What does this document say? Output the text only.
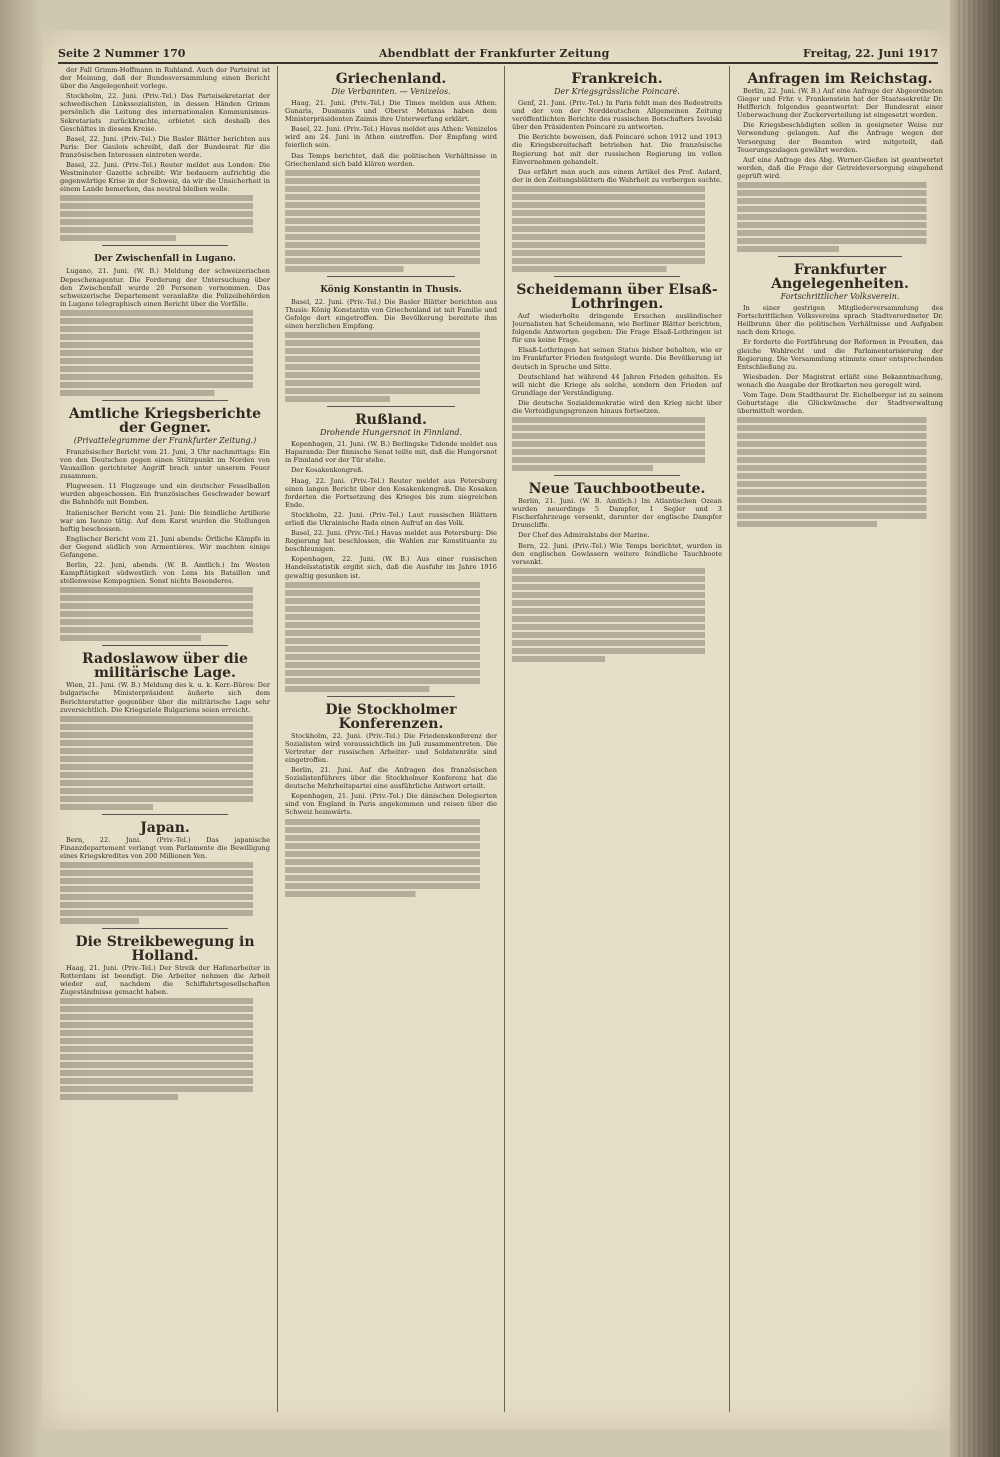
Seite 2 Nummer 170	Abendblatt der Frankfurter Zeitung	Freitag, 22. Juni 1917

der Fall Grimm-Hoffmann in Ruhland. Auch der Parteirat ist der Meinung, daß der Bundesversammlung einen Bericht über die Angelegenheit vorlege.

Stockholm, 22. Juni. (Priv.-Tel.) Das Parteisekretariat der schwedischen Linkssozialisten, in dessen Händen Grimm persönlich die Leitung des internationalen Kommunismus-Sekretariats zurückbrachte, erbietet sich deshalb des Geschäftes in diesem Kreise.

Basel, 22. Juni. (Priv.-Tel.) Die Basler Blätter berichten aus Paris: Der Gaulois schreibt, daß der Bundesrat für die französischen Interessen eintreten werde.

Basel, 22. Juni. (Priv.-Tel.) Reuter meldet aus London: Die Westminster Gazette schreibt: Wir bedauern aufrichtig die gegenwärtige Krise in der Schweiz, da wir die Unsicherheit in einem Lande bemerken, das neutral bleiben wolle.

Der Zwischenfall in Lugano.

Lugano, 21. Juni. (W. B.) Meldung der schweizerischen Depeschenagentur. Die Forderung der Untersuchung über den Zwischenfall wurde 20 Personen vernommen. Das schweizerische Departement veranlaßte die Polizeibehörden in Lugano telegraphisch einen Bericht über die Vorfälle.

Amtliche Kriegsberichte der Gegner.
(Privattelegramme der Frankfurter Zeitung.)

Französischer Bericht vom 21. Juni, 3 Uhr nachmittags: Ein von den Deutschen gegen einen Stützpunkt im Norden von Vauxaillon gerichteter Angriff brach unter unserem Feuer zusammen.

Flugwesen. 11 Flugzeuge und ein deutscher Fesselballon wurden abgeschossen. Ein französisches Geschwader bewarf die Bahnhöfe mit Bomben.

Italienischer Bericht vom 21. Juni: Die feindliche Artillerie war am Isonzo tätig. Auf dem Karst wurden die Stellungen heftig beschossen.

Englischer Bericht vom 21. Juni abends: Örtliche Kämpfe in der Gegend südlich von Armentières. Wir machten einige Gefangene.

Berlin, 22. Juni, abends. (W. B. Amtlich.) Im Westen Kampftätigkeit südwestlich von Lens bis Bataillon und stellenweise Kompagnien. Sonst nichts Besonderes.

Radoslawow über die militärische Lage.

Wien, 21. Juni. (W. B.) Meldung des k. u. k. Korr.-Büros: Der bulgarische Ministerpräsident äußerte sich dem Berichterstatter gegenüber über die militärische Lage sehr zuversichtlich. Die Kriegsziele Bulgariens seien erreicht.

Japan.

Bern, 22. Juni. (Priv.-Tel.) Das japanische Finanzdepartement verlangt vom Parlamente die Bewilligung eines Kriegskredites von 200 Millionen Yen.

Die Streikbewegung in Holland.

Haag, 21. Juni. (Priv.-Tel.) Der Streik der Hafenarbeiter in Rotterdam ist beendigt. Die Arbeiter nehmen die Arbeit wieder auf, nachdem die Schiffahrtsgesellschaften Zugeständnisse gemacht haben.

Griechenland.
Die Verbannten. — Venizelos.

Haag, 21. Juni. (Priv.-Tel.) Die Times melden aus Athen: Gunaris, Dusmanis und Oberst Metaxas haben dem Ministerpräsidenten Zaimis ihre Unterwerfung erklärt.

Basel, 22. Juni. (Priv.-Tel.) Havas meldet aus Athen: Venizelos wird am 24. Juni in Athen eintreffen. Der Empfang wird feierlich sein.

Das Temps berichtet, daß die politischen Verhältnisse in Griechenland sich bald klären werden.

König Konstantin in Thusis.

Basel, 22. Juni. (Priv.-Tel.) Die Basler Blätter berichten aus Thusis: König Konstantin von Griechenland ist mit Familie und Gefolge dort eingetroffen. Die Bevölkerung bereitete ihm einen herzlichen Empfang.

Rußland.
Drohende Hungersnot in Finnland.

Kopenhagen, 21. Juni. (W. B.) Berlingske Tidende meldet aus Haparanda: Der finnische Senat teilte mit, daß die Hungersnot in Finnland vor der Tür stehe.

Der Kosakenkongreß.

Haag, 22. Juni. (Priv.-Tel.) Reuter meldet aus Petersburg einen langen Bericht über den Kosakenkongreß. Die Kosaken forderten die Fortsetzung des Krieges bis zum siegreichen Ende.

Stockholm, 22. Juni. (Priv.-Tel.) Laut russischen Blättern erließ die Ukrainische Rada einen Aufruf an das Volk.

Basel, 22. Juni. (Priv.-Tel.) Havas meldet aus Petersburg: Die Regierung hat beschlossen, die Wahlen zur Konstituante zu beschleunigen.

Kopenhagen, 22. Juni. (W. B.) Aus einer russischen Handelsstatistik ergibt sich, daß die Ausfuhr im Jahre 1916 gewaltig gesunken ist.

Die Stockholmer Konferenzen.

Stockholm, 22. Juni. (Priv.-Tel.) Die Friedenskonferenz der Sozialisten wird voraussichtlich im Juli zusammentreten. Die Vertreter der russischen Arbeiter- und Soldatenräte sind eingetroffen.

Berlin, 21. Juni. Auf die Anfragen des französischen Sozialistenführers über die Stockholmer Konferenz hat die deutsche Mehrheitspartei eine ausführliche Antwort erteilt.

Kopenhagen, 21. Juni. (Priv.-Tel.) Die dänischen Delegierten sind von England in Paris angekommen und reisen über die Schweiz heimwärts.

Frankreich.
Der Kriegsgrässliche Poincaré.

Genf, 21. Juni. (Priv.-Tel.) In Paris fehlt man des Redestreits und der von der Norddeutschen Allgemeinen Zeitung veröffentlichten Berichte des russischen Botschafters Isvolski über den Präsidenten Poincaré zu antworten.

Die Berichte beweisen, daß Poincaré schon 1912 und 1913 die Kriegsbereitschaft betrieben hat. Die französische Regierung hat mit der russischen Regierung im vollen Einvernehmen gehandelt.

Das erfährt man auch aus einem Artikel des Prof. Aulard, der in den Zeitungsblättern die Wahrheit zu verbergen suchte.

Scheidemann über Elsaß-Lothringen.

Auf wiederholte dringende Ersuchen ausländischer Journalisten hat Scheidemann, wie Berliner Blätter berichten, folgende Antworten gegeben: Die Frage Elsaß-Lothringen ist für uns keine Frage.

Elsaß-Lothringen hat seinen Status bisher behalten, wie er im Frankfurter Frieden festgelegt wurde. Die Bevölkerung ist deutsch in Sprache und Sitte.

Deutschland hat während 44 Jahren Frieden gehalten. Es will nicht die Kriege als solche, sondern den Frieden auf Grundlage der Verständigung.

Die deutsche Sozialdemokratie wird den Krieg nicht über die Verteidigungsgrenzen hinaus fortsetzen.

Neue Tauchbootbeute.

Berlin, 21. Juni. (W. B. Amtlich.) Im Atlantischen Ozean wurden neuerdings 5 Dampfer, 1 Segler und 3 Fischerfahrzeuge versenkt, darunter der englische Dampfer Drumcliffe.

Der Chef des Admiralstabs der Marine.

Bern, 22. Juni. (Priv.-Tel.) Wie Temps berichtet, wurden in den englischen Gewässern weitere feindliche Tauchboote versenkt.

Anfragen im Reichstag.

Berlin, 22. Juni. (W. B.) Auf eine Anfrage der Abgeordneten Gieger und Frhr. v. Frankenstein hat der Staatssekretär Dr. Helfferich folgendes geantwortet: Der Bundesrat einer Ueberwachung der Zuckerverteilung ist eingesetzt worden.

Die Kriegsbeschädigten sollen in geeigneter Weise zur Verwendung gelangen. Auf die Anfrage wegen der Versorgung der Beamten wird mitgeteilt, daß Teuerungszulagen gewährt werden.

Auf eine Anfrage des Abg. Werner-Gießen ist geantwortet worden, daß die Frage der Getreideversorgung eingehend geprüft wird.

Frankfurter Angelegenheiten.
Fortschrittlicher Volksverein.

In einer gestrigen Mitgliederversammlung des Fortschrittlichen Volksvereins sprach Stadtverordneter Dr. Heilbrunn über die politischen Verhältnisse und Aufgaben nach dem Kriege.

Er forderte die Fortführung der Reformen in Preußen, das gleiche Wahlrecht und die Parlamentarisierung der Regierung. Die Versammlung stimmte einer entsprechenden Entschließung zu.

Wiesbaden. Der Magistrat erläßt eine Bekanntmachung, wonach die Ausgabe der Brotkarten neu geregelt wird.

Vom Tage. Dem Stadtbaurat Dr. Eichelberger ist zu seinem Geburtstage die Glückwünsche der Stadtverwaltung übermittelt worden.
